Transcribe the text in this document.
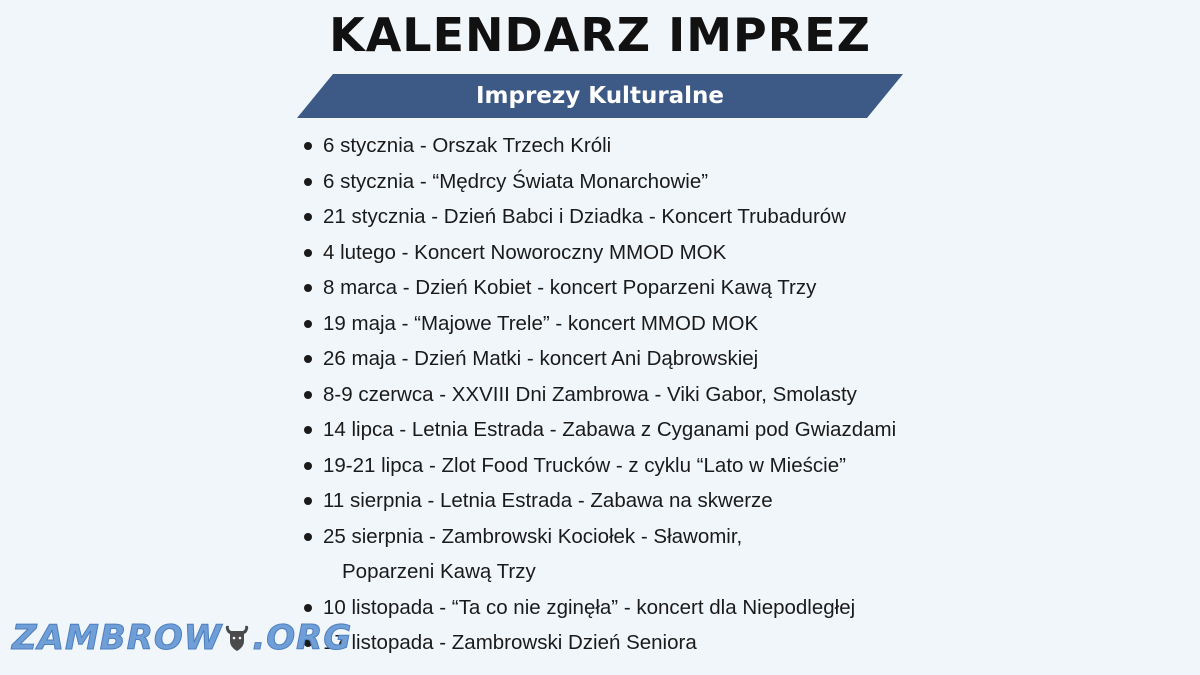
KALENDARZ IMPREZ
Imprezy Kulturalne
6 stycznia - Orszak Trzech Króli
6 stycznia - “Mędrcy Świata Monarchowie”
21 stycznia - Dzień Babci i Dziadka - Koncert Trubadurów
4 lutego - Koncert Noworoczny MMOD MOK
8 marca - Dzień Kobiet - koncert Poparzeni Kawą Trzy
19 maja - “Majowe Trele” - koncert MMOD MOK
26 maja - Dzień Matki - koncert Ani Dąbrowskiej
8-9 czerwca - XXVIII Dni Zambrowa - Viki Gabor, Smolasty
14 lipca - Letnia Estrada - Zabawa z Cyganami pod Gwiazdami
19-21 lipca - Zlot Food Trucków - z cyklu “Lato w Mieście”
11 sierpnia - Letnia Estrada - Zabawa na skwerze
25 sierpnia - Zambrowski Kociołek - Sławomir,
Poparzeni Kawą Trzy
10 listopada - “Ta co nie zginęła” - koncert dla Niepodległej
17 listopada - Zambrowski Dzień Seniora
ZAMBROW .ORG
